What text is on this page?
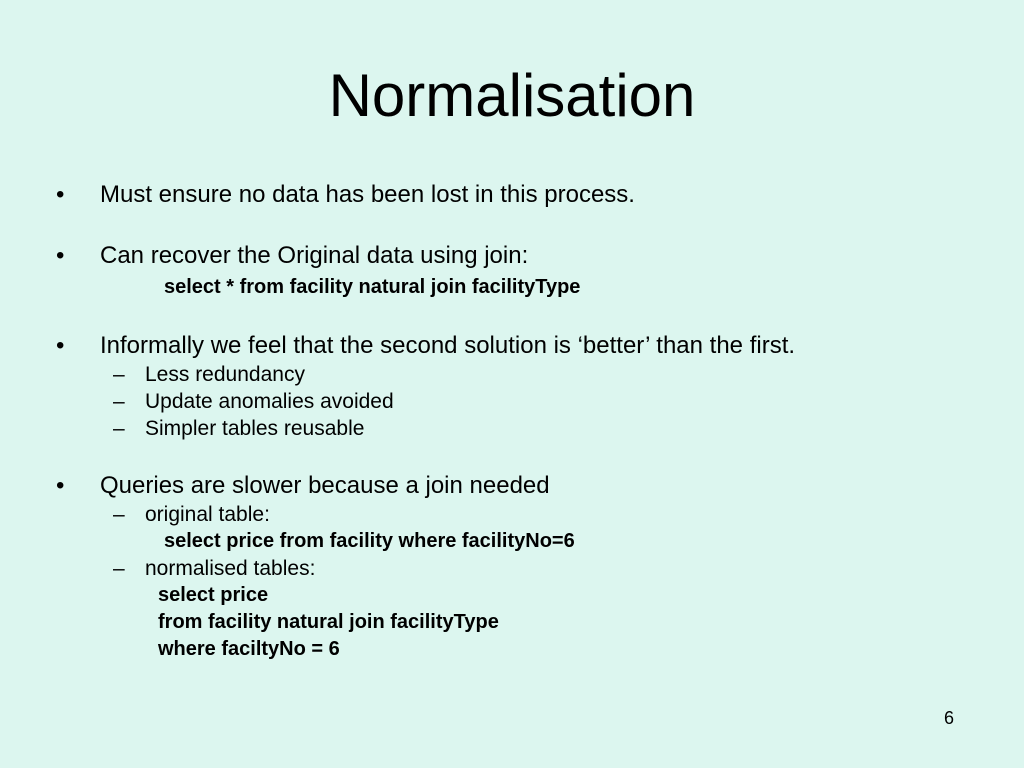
Normalisation
•	Must ensure no data has been lost in this process.
•	Can recover the Original data using join:
select * from facility natural join facilityType
•	Informally we feel that the second solution is ‘better’ than the first.
– Less redundancy
– Update anomalies avoided
– Simpler tables reusable
•	Queries are slower because a join needed
– original table:
select price from facility where facilityNo=6
– normalised tables:
select price
from facility natural join facilityType
where faciltyNo = 6
6
